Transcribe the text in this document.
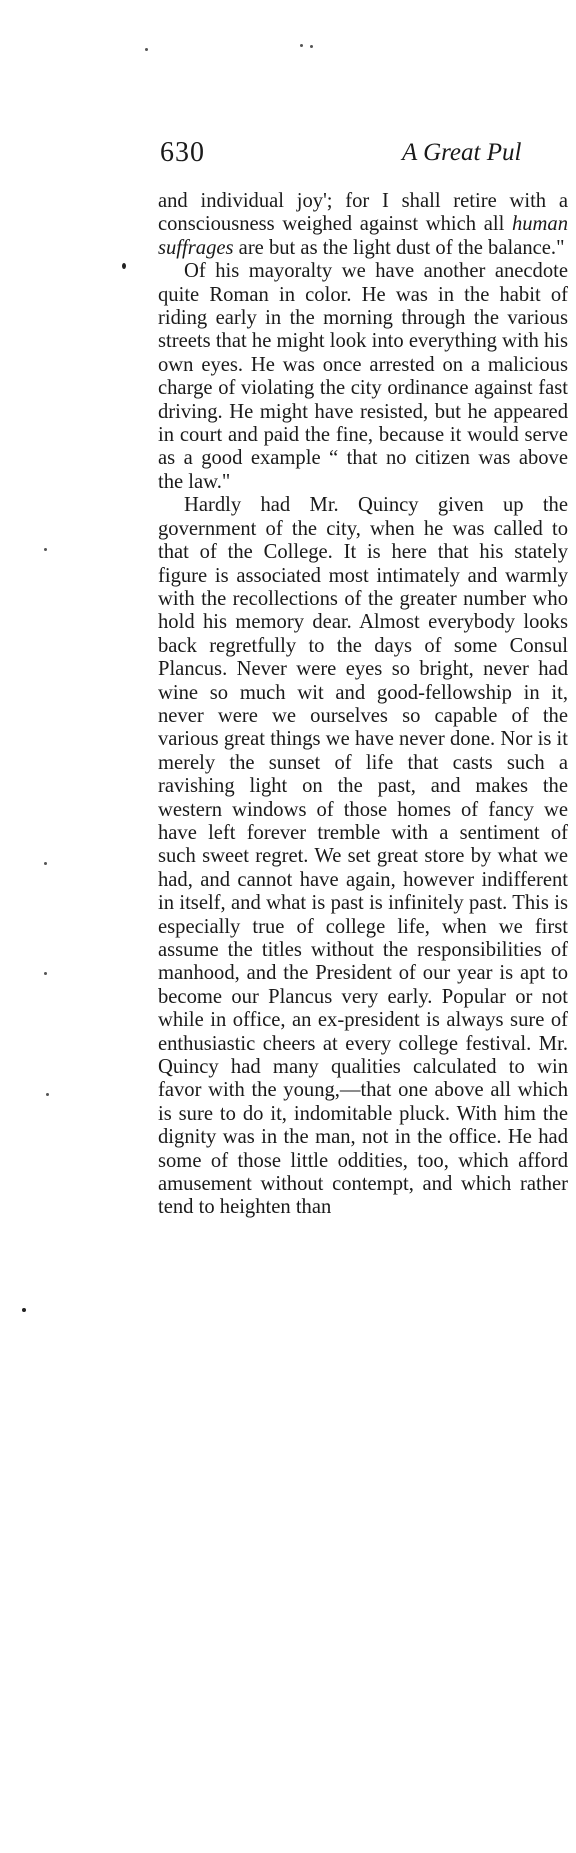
630	A Great Pul

and individual joy'; for I shall retire with a consciousness weighed against which all human suffrages are but as the light dust of the balance."

Of his mayoralty we have another anecdote quite Roman in color. He was in the habit of riding early in the morning through the various streets that he might look into everything with his own eyes. He was once arrested on a malicious charge of violating the city ordinance against fast driving. He might have resisted, but he appeared in court and paid the fine, because it would serve as a good example “ that no citizen was above the law."

Hardly had Mr. Quincy given up the government of the city, when he was called to that of the College. It is here that his stately figure is associated most intimately and warmly with the recollections of the greater number who hold his memory dear. Almost everybody looks back regretfully to the days of some Consul Plancus. Never were eyes so bright, never had wine so much wit and good-fellowship in it, never were we ourselves so capable of the various great things we have never done. Nor is it merely the sunset of life that casts such a ravishing light on the past, and makes the western windows of those homes of fancy we have left forever tremble with a sentiment of such sweet regret. We set great store by what we had, and cannot have again, however indifferent in itself, and what is past is infinitely past. This is especially true of college life, when we first assume the titles without the responsibilities of manhood, and the President of our year is apt to become our Plancus very early. Popular or not while in office, an ex-president is always sure of enthusiastic cheers at every college festival. Mr. Quincy had many qualities calculated to win favor with the young,—that one above all which is sure to do it, indomitable pluck. With him the dignity was in the man, not in the office. He had some of those little oddities, too, which afford amusement without contempt, and which rather tend to heighten than
